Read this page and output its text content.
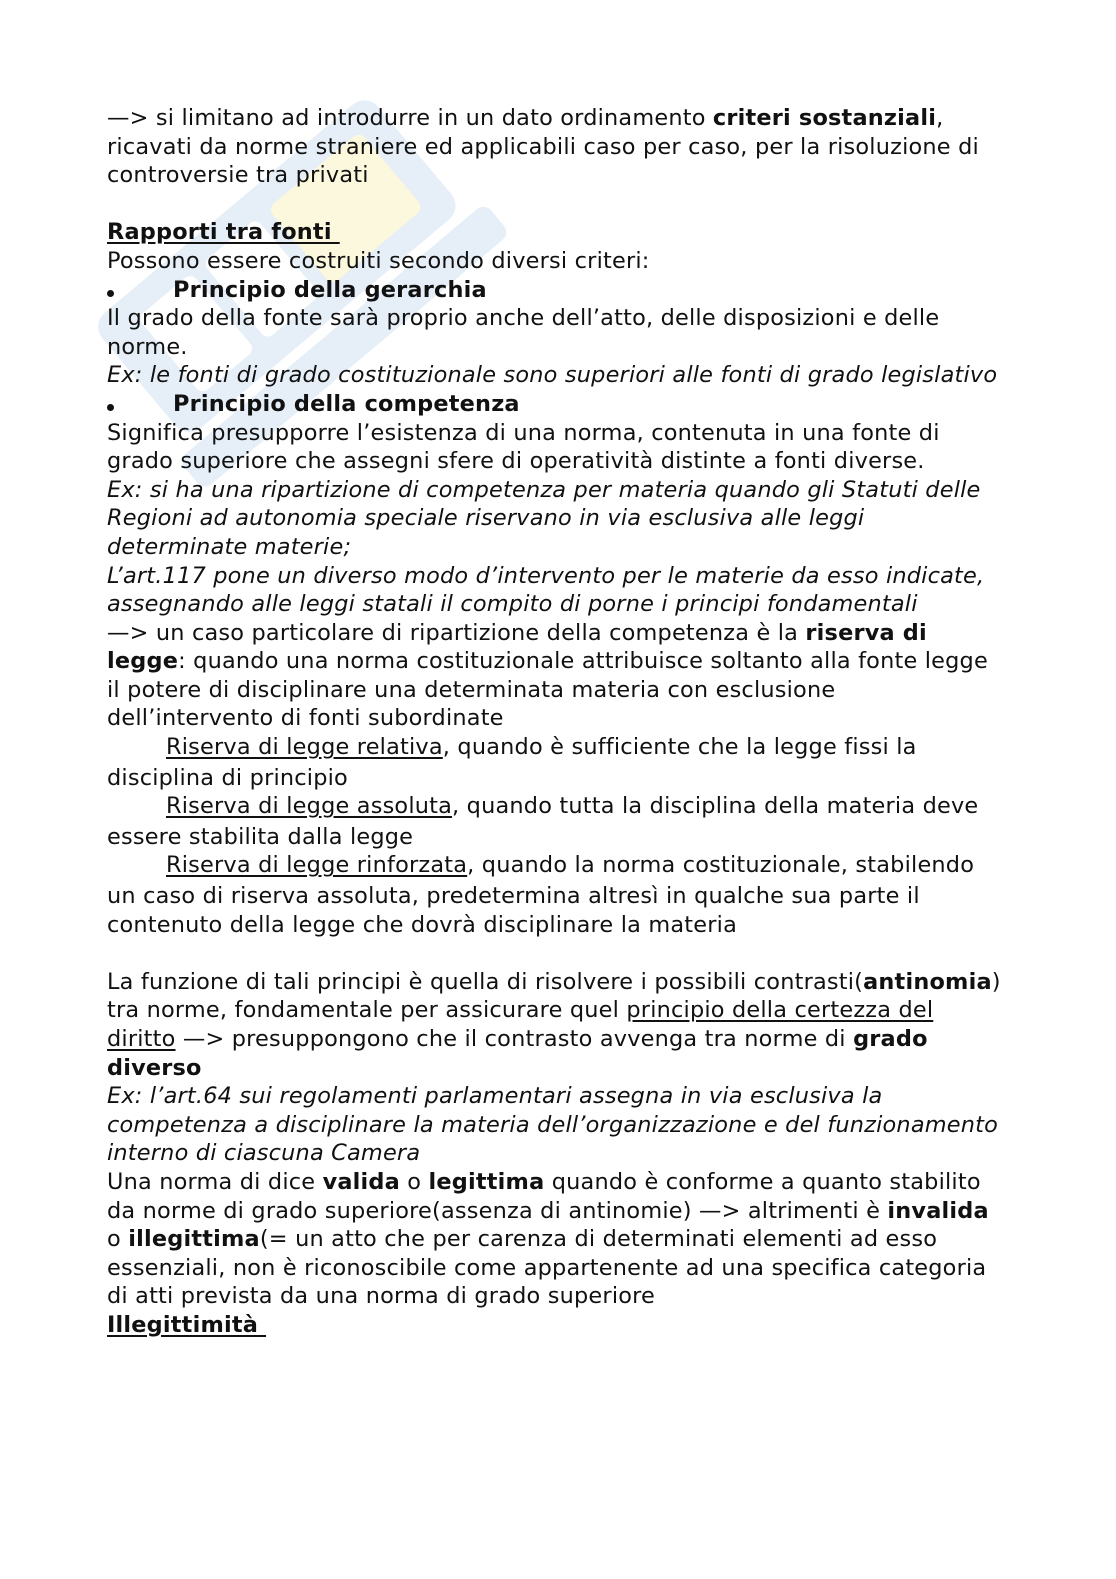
—> si limitano ad introdurre in un dato ordinamento criteri sostanziali, ricavati da norme straniere ed applicabili caso per caso, per la risoluzione di controversie tra privati

Rapporti tra fonti

Possono essere costruiti secondo diversi criteri:

Principio della gerarchia

Il grado della fonte sarà proprio anche dell’atto, delle disposizioni e delle norme.

Ex: le fonti di grado costituzionale sono superiori alle fonti di grado legislativo

Principio della competenza

Significa presupporre l’esistenza di una norma, contenuta in una fonte di grado superiore che assegni sfere di operatività distinte a fonti diverse.

Ex: si ha una ripartizione di competenza per materia quando gli Statuti delle Regioni ad autonomia speciale riservano in via esclusiva alle leggi determinate materie;

L’art.117 pone un diverso modo d’intervento per le materie da esso indicate, assegnando alle leggi statali il compito di porne i principi fondamentali

—> un caso particolare di ripartizione della competenza è la riserva di legge: quando una norma costituzionale attribuisce soltanto alla fonte legge il potere di disciplinare una determinata materia con esclusione dell’intervento di fonti subordinate

Riserva di legge relativa, quando è sufficiente che la legge fissi la disciplina di principio

Riserva di legge assoluta, quando tutta la disciplina della materia deve essere stabilita dalla legge

Riserva di legge rinforzata, quando la norma costituzionale, stabilendo un caso di riserva assoluta, predetermina altresì in qualche sua parte il contenuto della legge che dovrà disciplinare la materia

La funzione di tali principi è quella di risolvere i possibili contrasti(antinomia) tra norme, fondamentale per assicurare quel principio della certezza del diritto —> presuppongono che il contrasto avvenga tra norme di grado diverso

Ex: l’art.64 sui regolamenti parlamentari assegna in via esclusiva la competenza a disciplinare la materia dell’organizzazione e del funzionamento interno di ciascuna Camera

Una norma di dice valida o legittima quando è conforme a quanto stabilito da norme di grado superiore(assenza di antinomie) —> altrimenti è invalida o illegittima(= un atto che per carenza di determinati elementi ad esso essenziali, non è riconoscibile come appartenente ad una specifica categoria di atti prevista da una norma di grado superiore

Illegittimità
